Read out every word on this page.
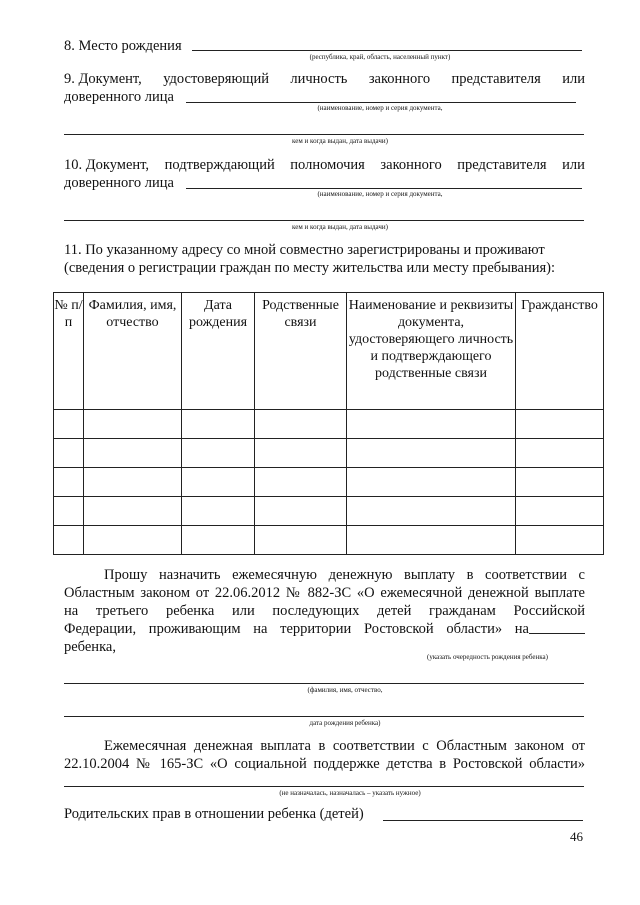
8. Место рождения
(республика, край, область, населенный пункт)
9. Документ, удостоверяющий личность законного представителя или
доверенного лица
(наименование, номер и серия документа,
кем и когда выдан, дата выдачи)
10. Документ, подтверждающий полномочия законного представителя или
доверенного лица
(наименование, номер и серия документа,
кем и когда выдан, дата выдачи)
11. По указанному адресу со мной совместно зарегистрированы и проживают
(сведения о регистрации граждан по месту жительства или месту пребывания):
№ п/п	Фамилия, имя, отчество	Дата рождения	Родственные связи	Наименование и реквизиты документа, удостоверяющего личность и подтверждающего родственные связи	Гражданство

Прошу назначить ежемесячную денежную выплату в соответствии с
Областным законом от 22.06.2012 № 882-ЗС «О ежемесячной денежной выплате
на третьего ребенка или последующих детей гражданам Российской
Федерации, проживающим на территории Ростовской области» на
ребенка,
(указать очередность рождения ребенка)
(фамилия, имя, отчество,
дата рождения ребенка)
Ежемесячная денежная выплата в соответствии с Областным законом от
22.10.2004 № 165-ЗС «О социальной поддержке детства в Ростовской области»
(не назначалась, назначалась – указать нужное)
Родительских прав в отношении ребенка (детей)
46
